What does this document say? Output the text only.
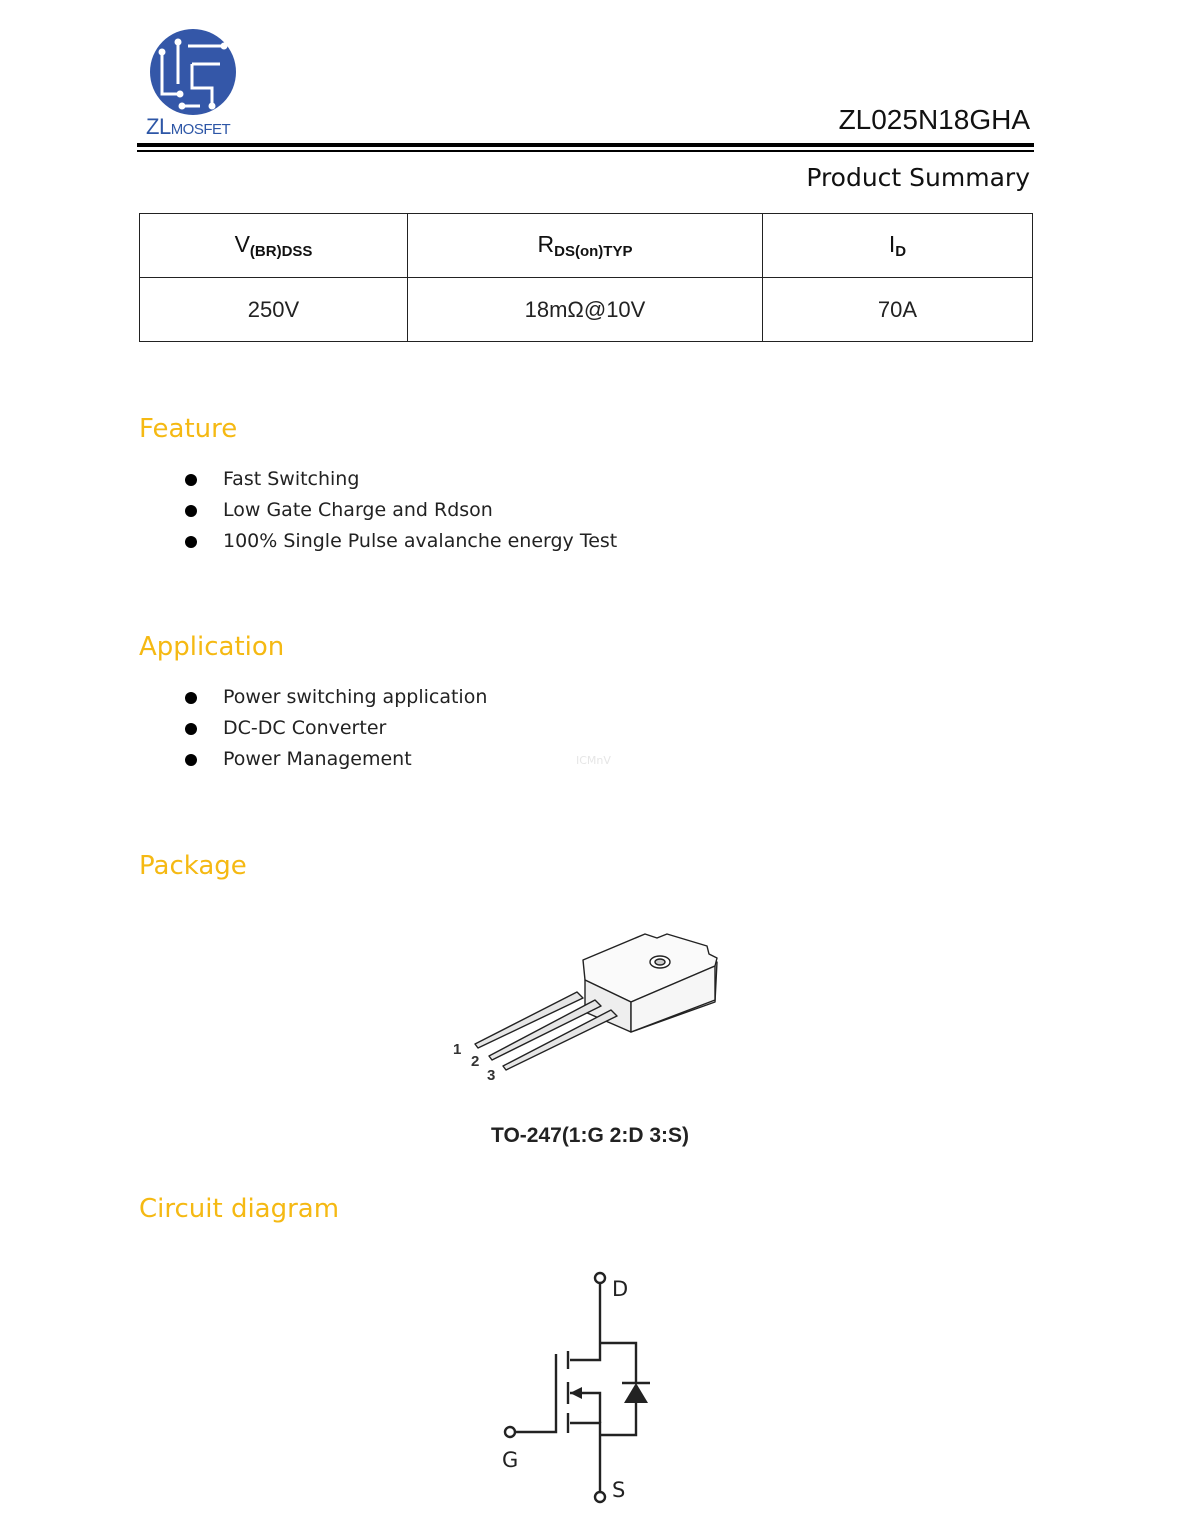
ZLMOSFET	ZL025N18GHA
Product Summary
$V_{(BR)DSS}$	$R_{DS(on)TYP}$	$I_D$
250V	18mΩ@10V	70A
Feature
Fast Switching
Low Gate Charge and Rdson
100% Single Pulse avalanche energy Test
Application
Power switching application
DC-DC Converter
Power Management	ICMnV
Package
1
2
3
TO-247(1:G 2:D 3:S)
Circuit diagram
D
G
S
